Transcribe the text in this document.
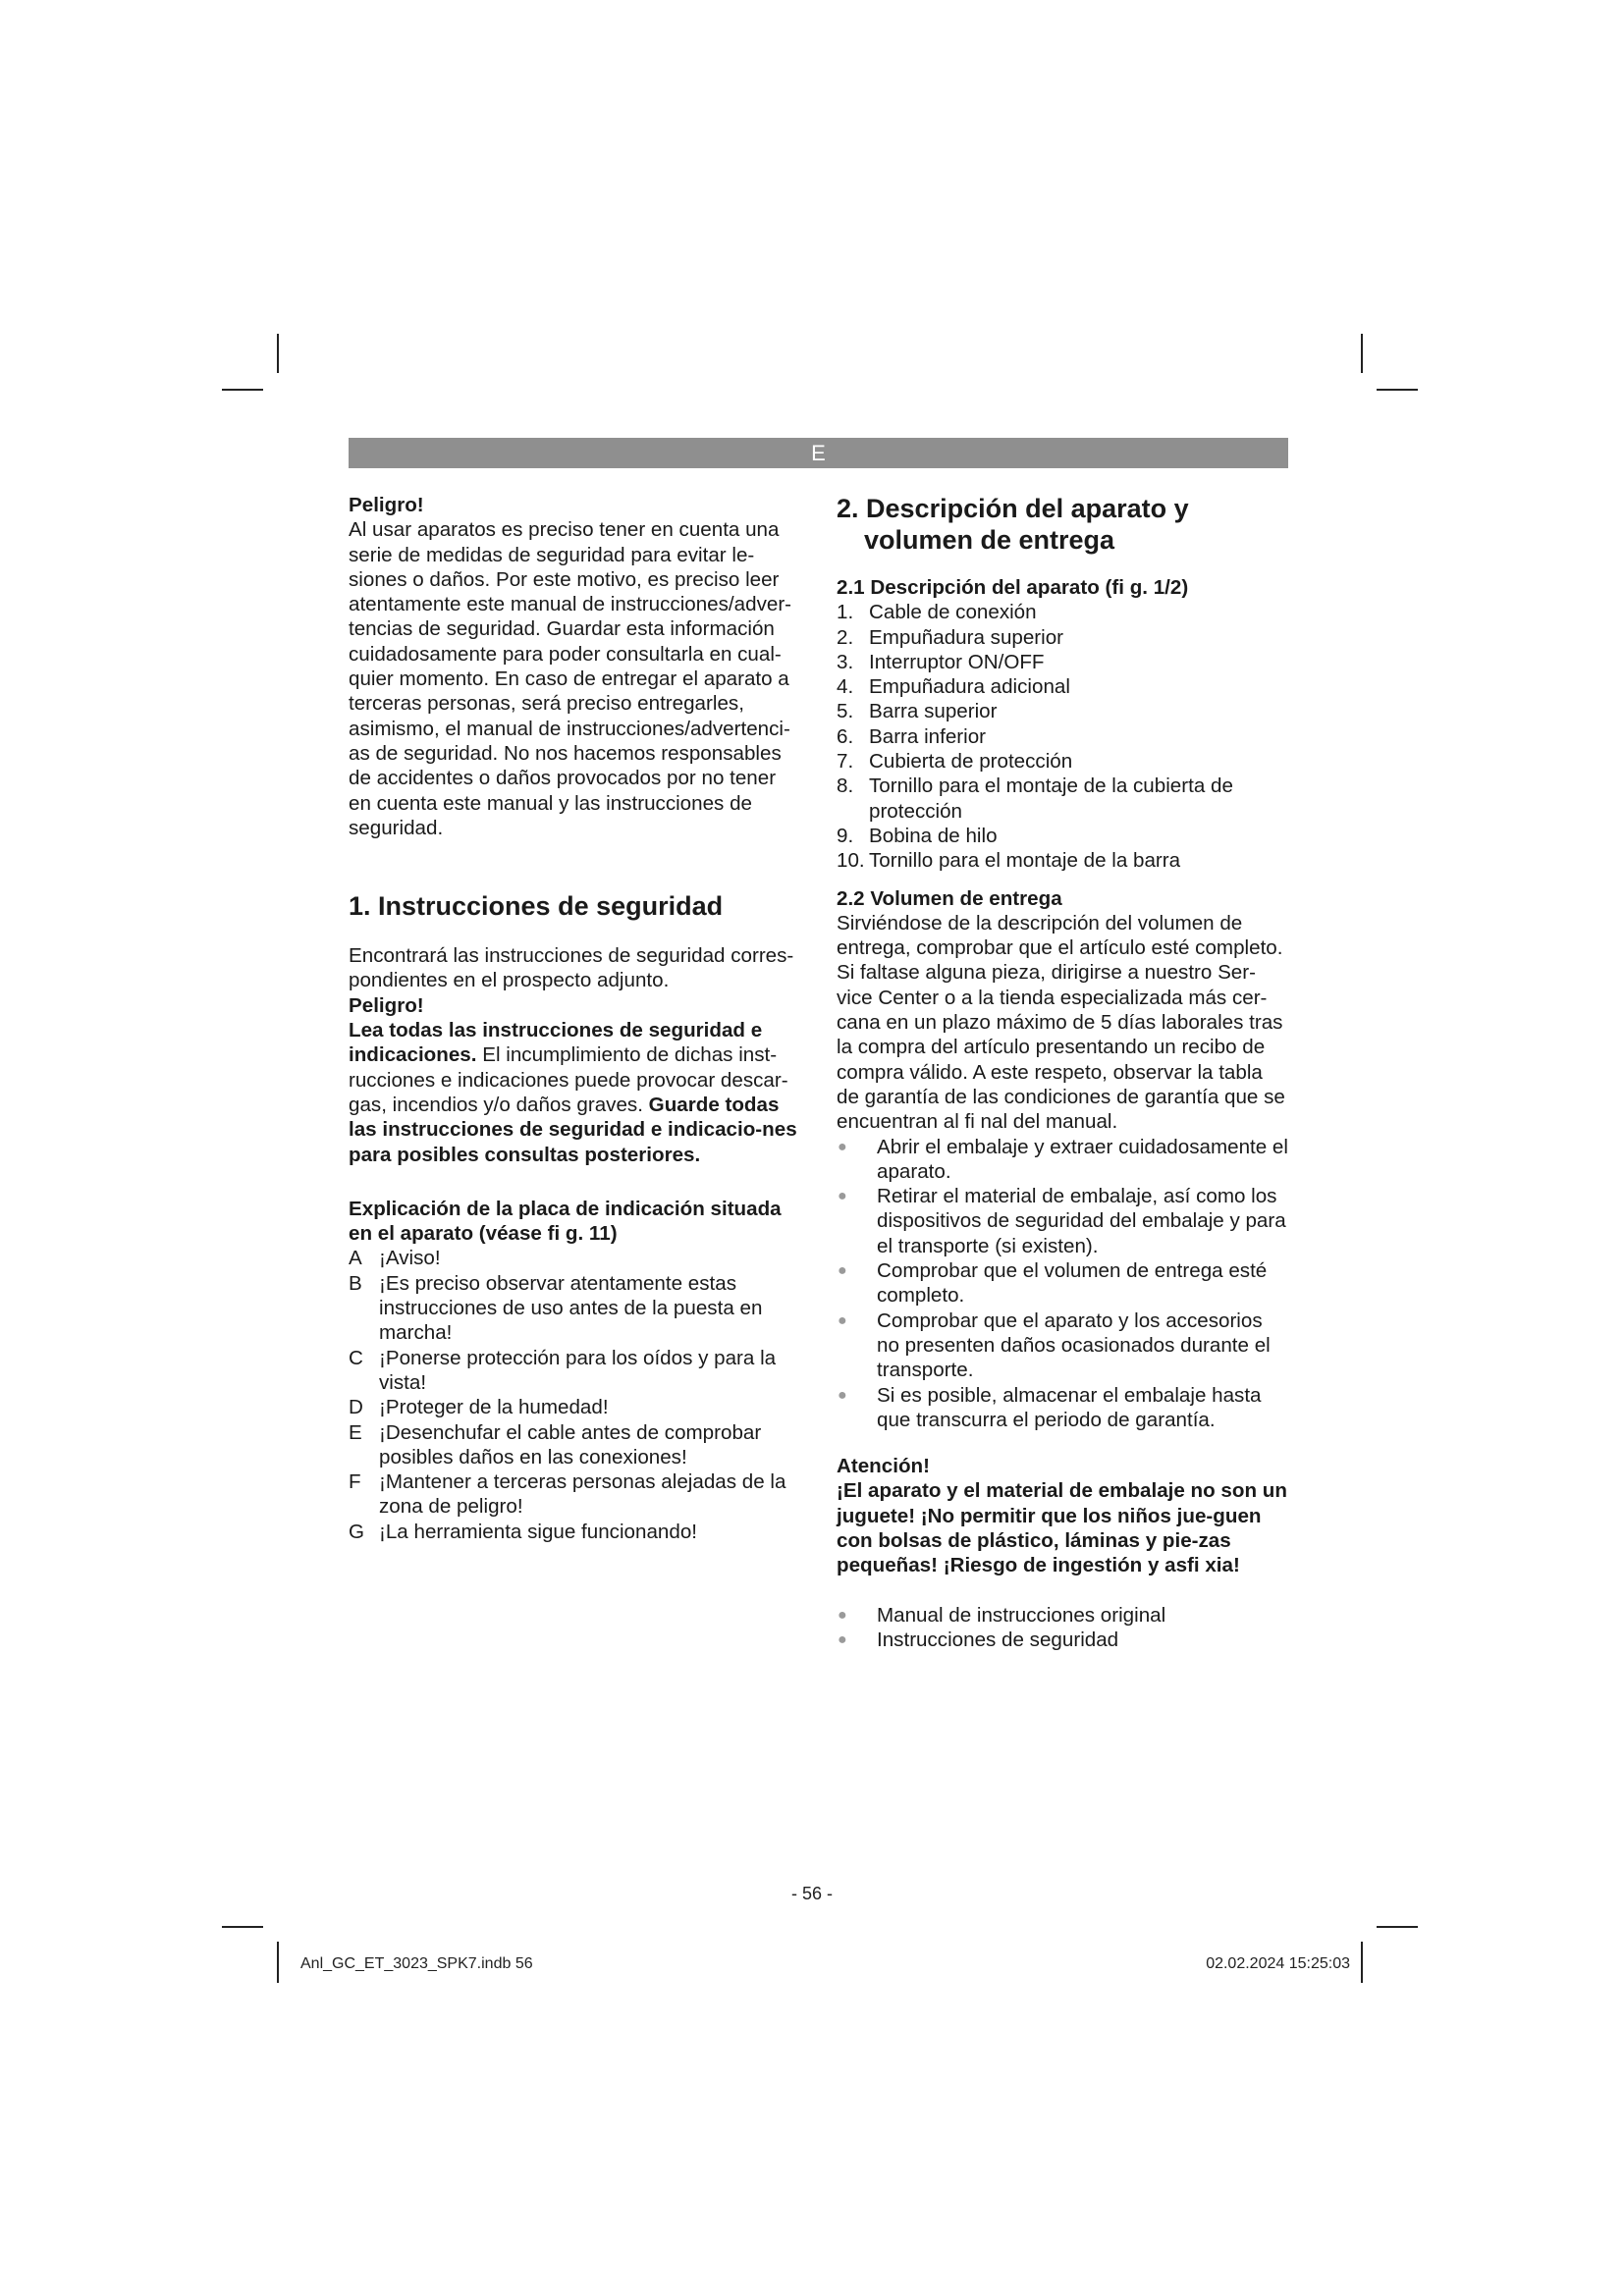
E

Peligro!

Al usar aparatos es preciso tener en cuenta una serie de medidas de seguridad para evitar le-siones o daños. Por este motivo, es preciso leer atentamente este manual de instrucciones/adver-tencias de seguridad. Guardar esta información cuidadosamente para poder consultarla en cual-quier momento. En caso de entregar el aparato a terceras personas, será preciso entregarles, asimismo, el manual de instrucciones/advertenci-as de seguridad. No nos hacemos responsables de accidentes o daños provocados por no tener en cuenta este manual y las instrucciones de seguridad.

1. Instrucciones de seguridad

Encontrará las instrucciones de seguridad corres-pondientes en el prospecto adjunto.

Peligro!

Lea todas las instrucciones de seguridad e indicaciones. El incumplimiento de dichas inst-rucciones e indicaciones puede provocar descar-gas, incendios y/o daños graves. Guarde todas las instrucciones de seguridad e indicacio-nes para posibles consultas posteriores.

Explicación de la placa de indicación situada en el aparato (véase fi g. 11)
A ¡Aviso!
B ¡Es preciso observar atentamente estas instrucciones de uso antes de la puesta en marcha!
C ¡Ponerse protección para los oídos y para la vista!
D ¡Proteger de la humedad!
E ¡Desenchufar el cable antes de comprobar posibles daños en las conexiones!
F ¡Mantener a terceras personas alejadas de la zona de peligro!
G ¡La herramienta sigue funcionando!
2. Descripción del aparato y
volumen de entrega
2.1 Descripción del aparato (fi g. 1/2)
1. Cable de conexión
2. Empuñadura superior
3. Interruptor ON/OFF
4. Empuñadura adicional
5. Barra superior
6. Barra inferior
7. Cubierta de protección
8. Tornillo para el montaje de la cubierta de protección
9. Bobina de hilo
10. Tornillo para el montaje de la barra
2.2 Volumen de entrega

Sirviéndose de la descripción del volumen de entrega, comprobar que el artículo esté completo. Si faltase alguna pieza, dirigirse a nuestro Ser-vice Center o a la tienda especializada más cer-cana en un plazo máximo de 5 días laborales tras la compra del artículo presentando un recibo de compra válido. A este respeto, observar la tabla de garantía de las condiciones de garantía que se encuentran al fi nal del manual.

●	Abrir el embalaje y extraer cuidadosamente el aparato.
●	Retirar el material de embalaje, así como los dispositivos de seguridad del embalaje y para el transporte (si existen).
●	Comprobar que el volumen de entrega esté completo.
●	Comprobar que el aparato y los accesorios no presenten daños ocasionados durante el transporte.
●	Si es posible, almacenar el embalaje hasta que transcurra el periodo de garantía.

Atención!

¡El aparato y el material de embalaje no son un juguete! ¡No permitir que los niños jue-guen con bolsas de plástico, láminas y pie-zas pequeñas! ¡Riesgo de ingestión y asfi xia!

●	Manual de instrucciones original
●	Instrucciones de seguridad
- 56 -
Anl_GC_ET_3023_SPK7.indb 56	02.02.2024 15:25:03
